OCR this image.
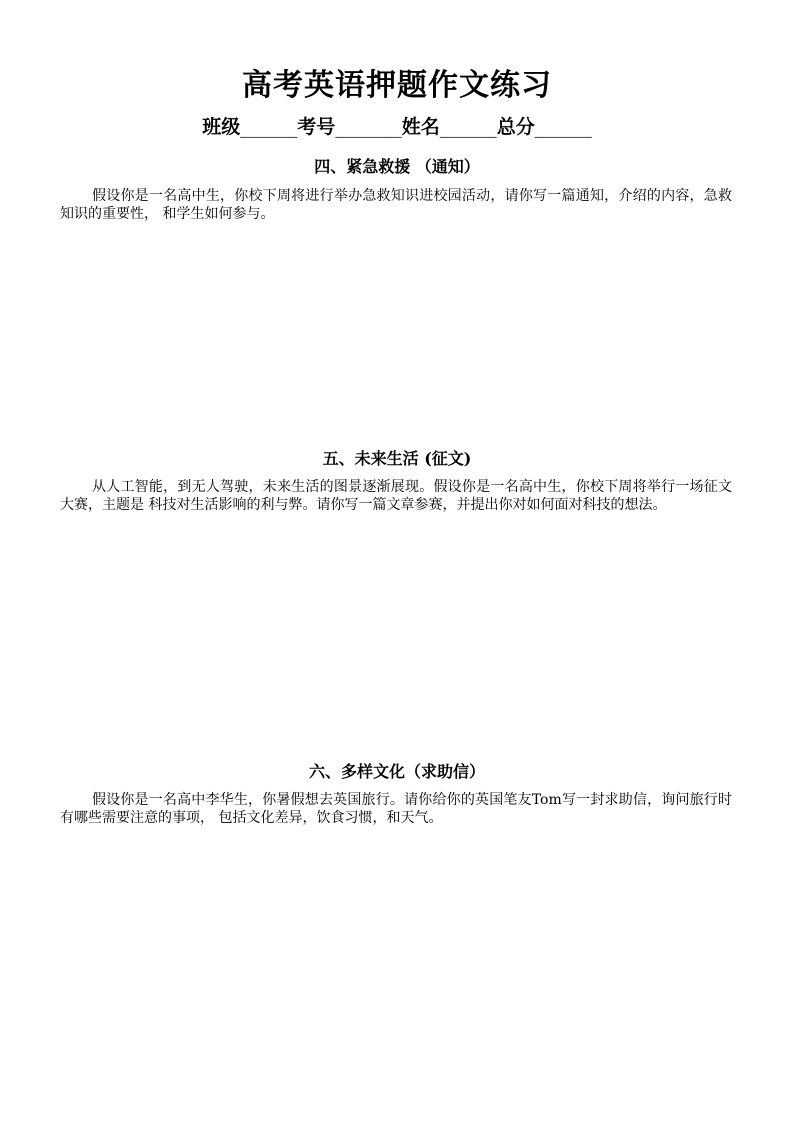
高考英语押题作文练习
班级______考号_______姓名______总分______
四、紧急救援 （通知）
假设你是一名高中生，你校下周将进行举办急救知识进校园活动，请你写一篇通知，介绍的内容，急救知识的重要性， 和学生如何参与。
五、未来生活 (征文)
从人工智能，到无人驾驶，未来生活的图景逐渐展现。假设你是一名高中生，你校下周将举行一场征文大赛，主题是 科技对生活影响的利与弊。请你写一篇文章参赛，并提出你对如何面对科技的想法。
六、多样文化（求助信）
假设你是一名高中李华生，你暑假想去英国旅行。请你给你的英国笔友Tom写一封求助信，询问旅行时有哪些需要注意的事项， 包括文化差异，饮食习惯，和天气。
